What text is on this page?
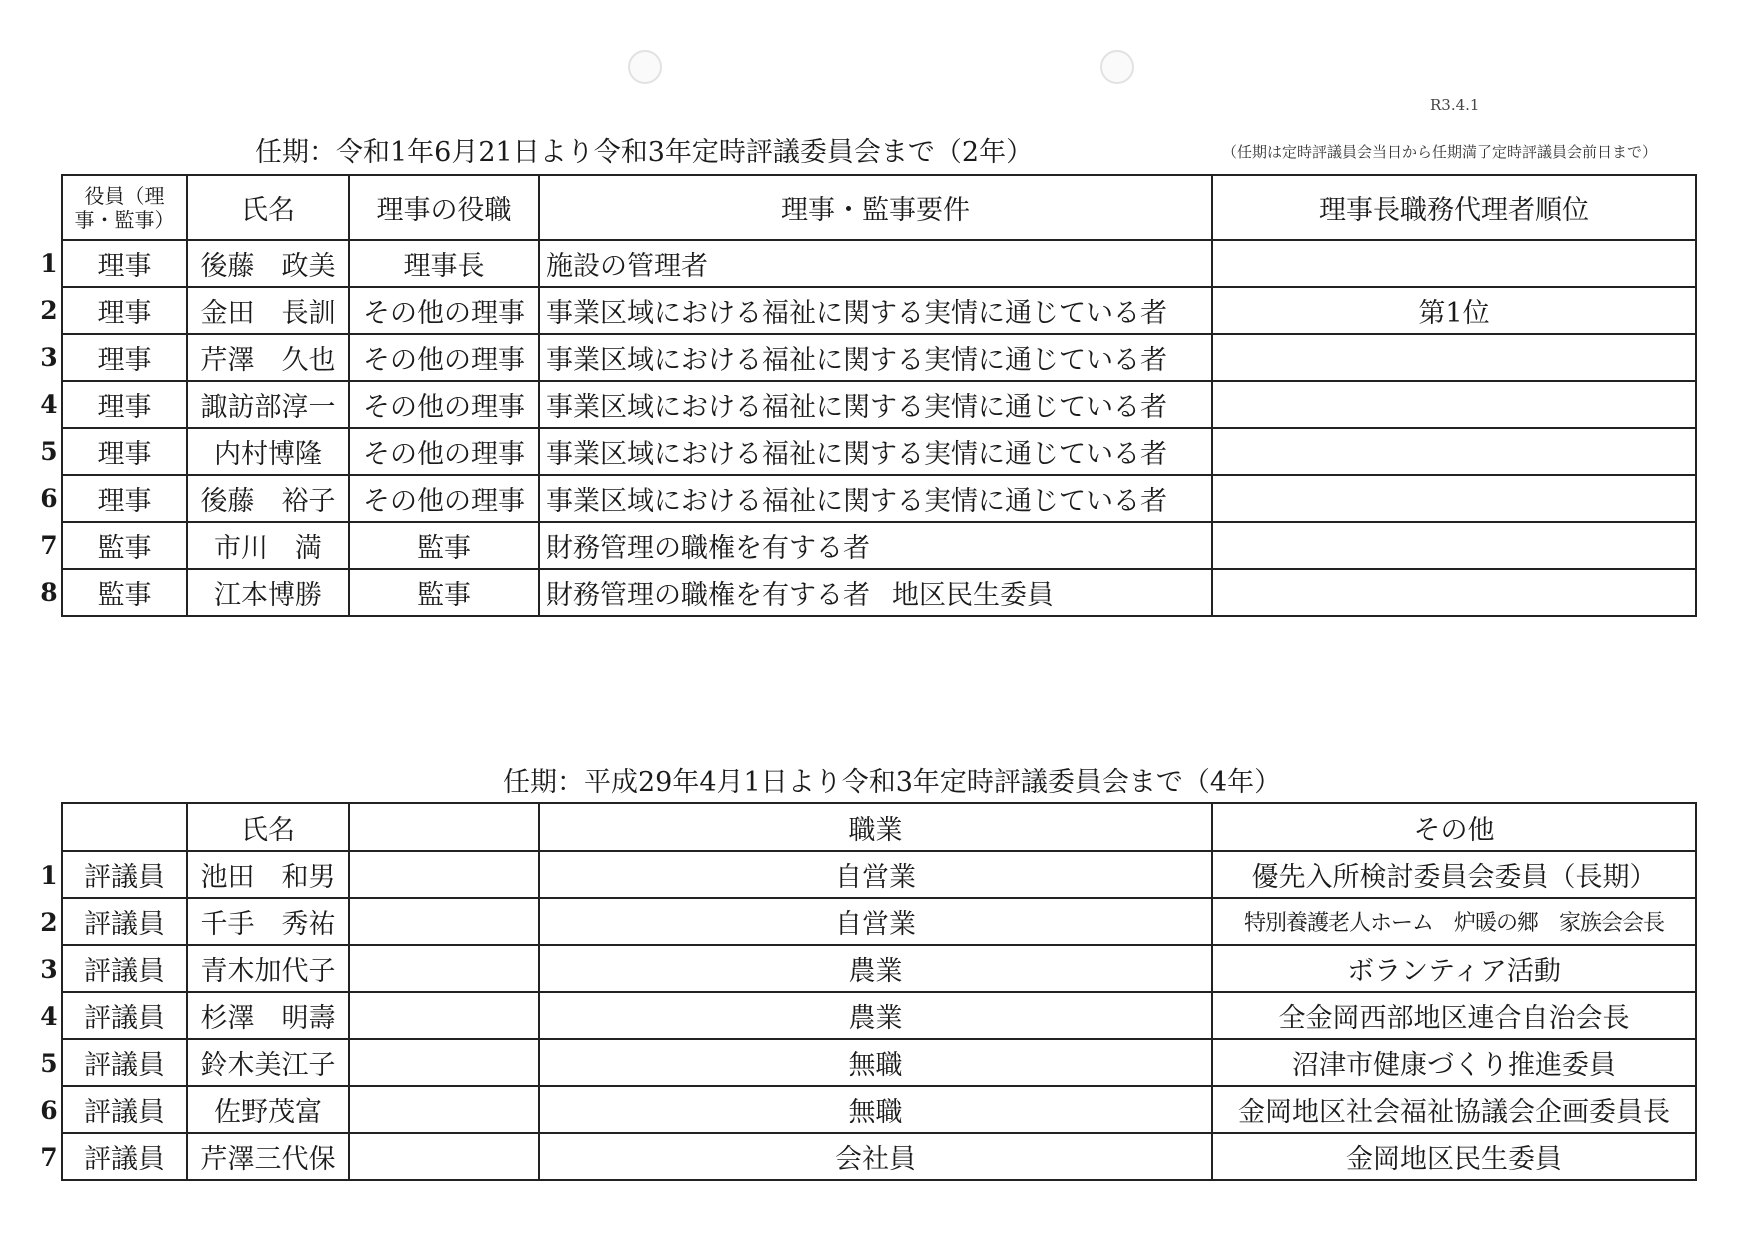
R3.4.1
任期：令和1年6月21日より令和3年定時評議委員会まで（2年）	（任期は定時評議員会当日から任期満了定時評議員会前日まで）
1
2
3
4
5
6
7
8
役員（理
事・監事）	氏名	理事の役職	理事・監事要件	理事長職務代理者順位
理事	後藤　政美	理事長	施設の管理者	
理事	金田　長訓	その他の理事	事業区域における福祉に関する実情に通じている者	第1位
理事	芹澤　久也	その他の理事	事業区域における福祉に関する実情に通じている者	
理事	諏訪部淳一	その他の理事	事業区域における福祉に関する実情に通じている者	
理事	内村博隆	その他の理事	事業区域における福祉に関する実情に通じている者	
理事	後藤　裕子	その他の理事	事業区域における福祉に関する実情に通じている者	
監事	市川　満	監事	財務管理の職権を有する者	
監事	江本博勝	監事	財務管理の職権を有する者 地区民生委員	
任期：平成29年4月1日より令和3年定時評議委員会まで（4年）
1
2
3
4
5
6
7
	氏名		職業	その他
評議員	池田　和男		自営業	優先入所検討委員会委員（長期）
評議員	千手　秀祐		自営業	特別養護老人ホーム　炉暖の郷　家族会会長
評議員	青木加代子		農業	ボランティア活動
評議員	杉澤　明壽		農業	全金岡西部地区連合自治会長
評議員	鈴木美江子		無職	沼津市健康づくり推進委員
評議員	佐野茂富		無職	金岡地区社会福祉協議会企画委員長
評議員	芹澤三代保		会社員	金岡地区民生委員
